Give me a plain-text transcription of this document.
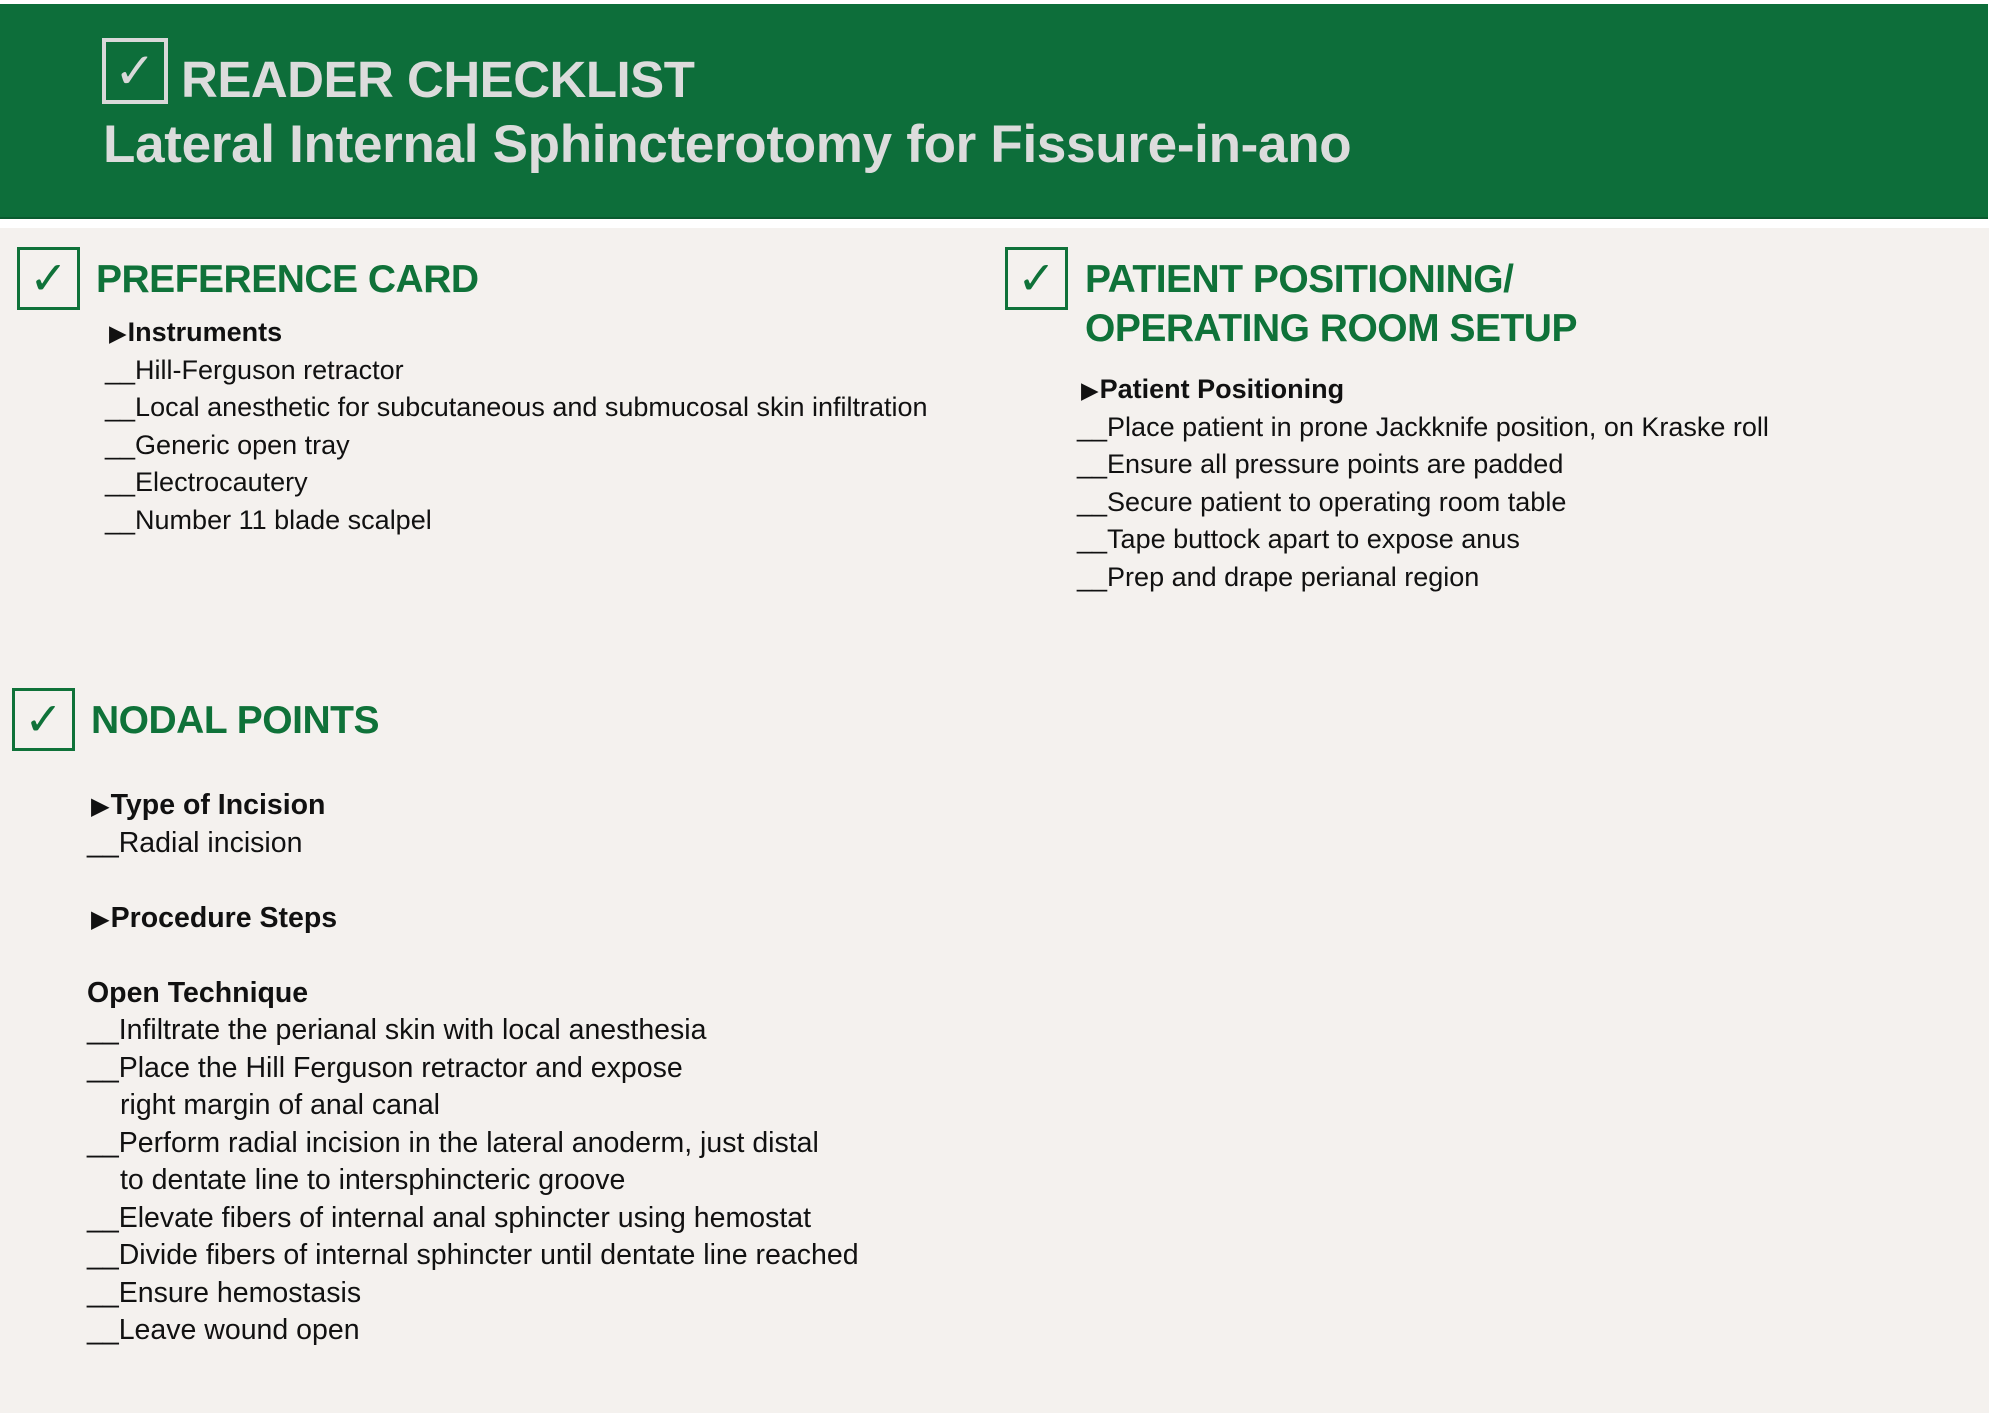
✓ READER CHECKLIST
Lateral Internal Sphincterotomy for Fissure-in-ano
✓ PREFERENCE CARD
▶Instruments
__Hill-Ferguson retractor
__Local anesthetic for subcutaneous and submucosal skin infiltration
__Generic open tray
__Electrocautery
__Number 11 blade scalpel
✓ PATIENT POSITIONING/
OPERATING ROOM SETUP
▶Patient Positioning
__Place patient in prone Jackknife position, on Kraske roll
__Ensure all pressure points are padded
__Secure patient to operating room table
__Tape buttock apart to expose anus
__Prep and drape perianal region
✓ NODAL POINTS
▶Type of Incision
__Radial incision
▶Procedure Steps
Open Technique
__Infiltrate the perianal skin with local anesthesia
__Place the Hill Ferguson retractor and expose
right margin of anal canal
__Perform radial incision in the lateral anoderm, just distal
to dentate line to intersphincteric groove
__Elevate fibers of internal anal sphincter using hemostat
__Divide fibers of internal sphincter until dentate line reached
__Ensure hemostasis
__Leave wound open
